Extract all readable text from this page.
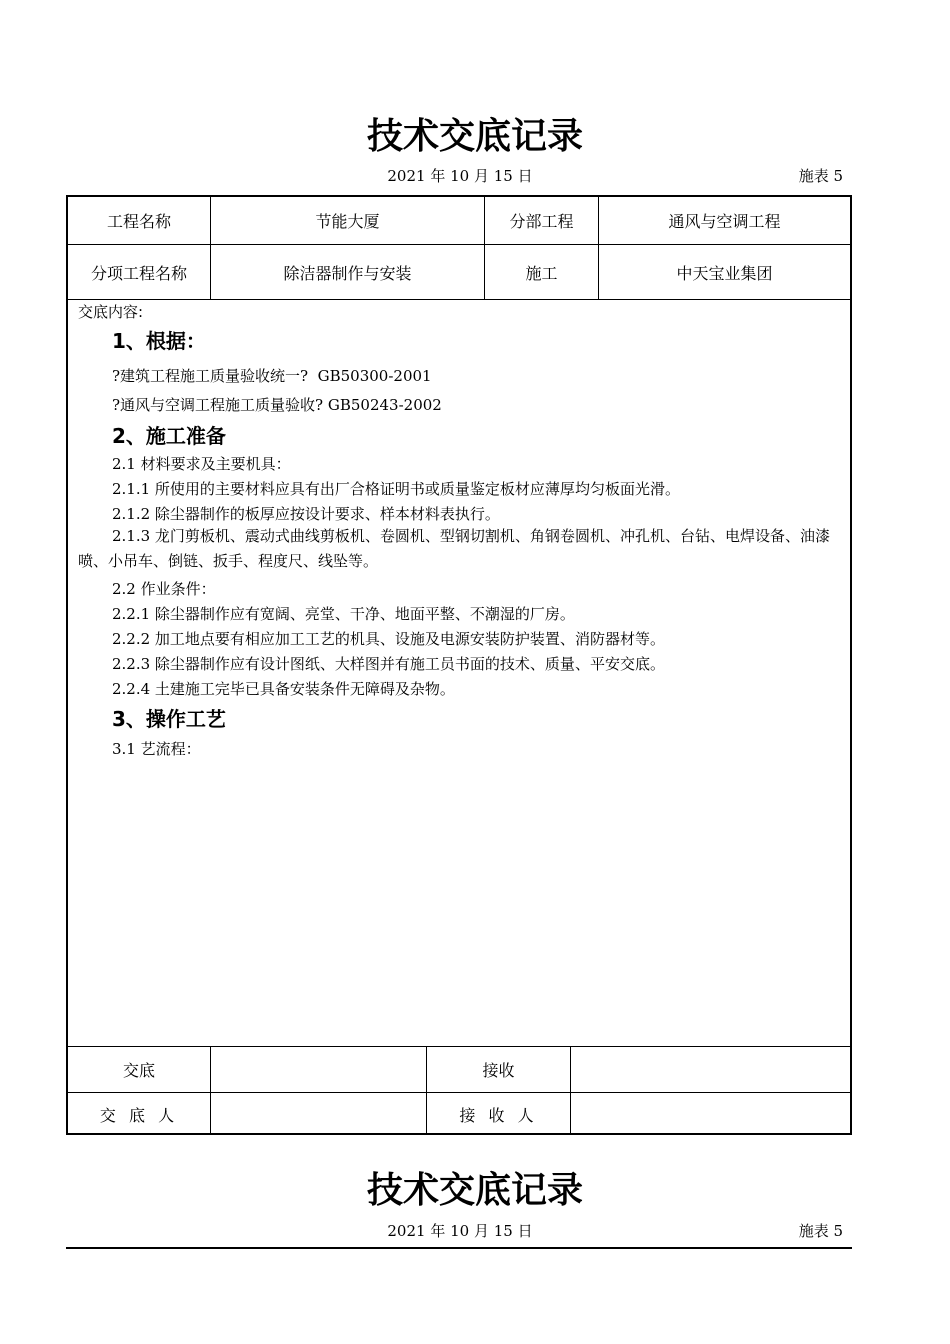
技术交底记录
2021 年 10 月 15 日	施表 5
工程名称	节能大厦	分部工程	通风与空调工程
分项工程名称	除洁器制作与安装	施工	中天宝业集团
交底内容:
1、根据：
?建筑工程施工质量验收统一?  GB50300-2001
?通风与空调工程施工质量验收? GB50243-2002
2、施工准备
2.1 材料要求及主要机具：
2.1.1 所使用的主要材料应具有出厂合格证明书或质量鉴定板材应薄厚均匀板面光滑。
2.1.2 除尘器制作的板厚应按设计要求、样本材料表执行。
2.1.3 龙门剪板机、震动式曲线剪板机、卷圆机、型钢切割机、角钢卷圆机、冲孔机、台钻、电焊设备、油漆喷、小吊车、倒链、扳手、程度尺、线坠等。
2.2 作业条件：
2.2.1 除尘器制作应有宽阔、亮堂、干净、地面平整、不潮湿的厂房。
2.2.2 加工地点要有相应加工工艺的机具、设施及电源安装防护装置、消防器材等。
2.2.3 除尘器制作应有设计图纸、大样图并有施工员书面的技术、质量、平安交底。
2.2.4 土建施工完毕已具备安装条件无障碍及杂物。
3、操作工艺
3.1 艺流程：
交底	接收
交 底 人	接 收 人
技术交底记录
2021 年 10 月 15 日	施表 5
